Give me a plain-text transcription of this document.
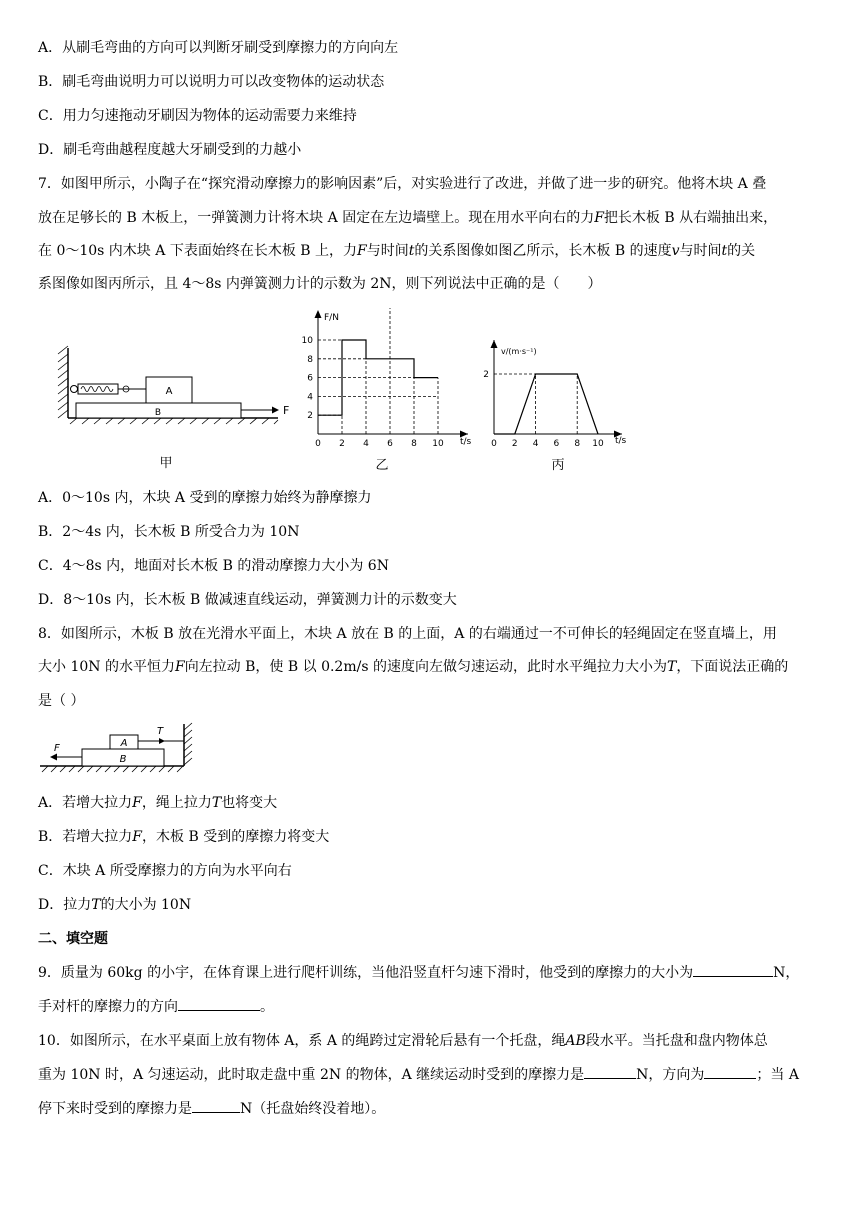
A．从刷毛弯曲的方向可以判断牙刷受到摩擦力的方向向左
B．刷毛弯曲说明力可以说明力可以改变物体的运动状态
C．用力匀速拖动牙刷因为物体的运动需要力来维持
D．刷毛弯曲越程度越大牙刷受到的力越小
7．如图甲所示，小陶子在“探究滑动摩擦力的影响因素”后，对实验进行了改进，并做了进一步的研究。他将木块 A 叠
放在足够长的 B 木板上，一弹簧测力计将木块 A 固定在左边墙壁上。现在用水平向右的力F把长木板 B 从右端抽出来，
在 0～10s 内木块 A 下表面始终在长木板 B 上，力F与时间t的关系图像如图乙所示，长木板 B 的速度v与时间t的关
系图像如图丙所示，且 4～8s 内弹簧测力计的示数为 2N，则下列说法中正确的是（　　）
B
A
F
甲
F/N
t/s
乙
0 2 4 6 8 10
10
8
6
4
2
v/(m·s⁻¹)
t/s
丙
0 2 4 6 8 10
2
A．0～10s 内，木块 A 受到的摩擦力始终为静摩擦力
B．2～4s 内，长木板 B 所受合力为 10N
C．4～8s 内，地面对长木板 B 的滑动摩擦力大小为 6N
D．8～10s 内，长木板 B 做减速直线运动，弹簧测力计的示数变大
8．如图所示，木板 B 放在光滑水平面上，木块 A 放在 B 的上面，A 的右端通过一不可伸长的轻绳固定在竖直墙上，用
大小 10N 的水平恒力F向左拉动 B，使 B 以 0.2m/s 的速度向左做匀速运动，此时水平绳拉力大小为T，下面说法正确的
是（ ）
B
A
T
F
A．若增大拉力F，绳上拉力T也将变大
B．若增大拉力F，木板 B 受到的摩擦力将变大
C．木块 A 所受摩擦力的方向为水平向右
D．拉力T的大小为 10N
二、填空题
9．质量为 60kg 的小宇，在体育课上进行爬杆训练，当他沿竖直杆匀速下滑时，他受到的摩擦力的大小为	N，
手对杆的摩擦力的方向	。
10．如图所示，在水平桌面上放有物体 A，系 A 的绳跨过定滑轮后悬有一个托盘，绳AB段水平。当托盘和盘内物体总
重为 10N 时，A 匀速运动，此时取走盘中重 2N 的物体，A 继续运动时受到的摩擦力是	N，方向为	；当 A
停下来时受到的摩擦力是	N（托盘始终没着地）。
